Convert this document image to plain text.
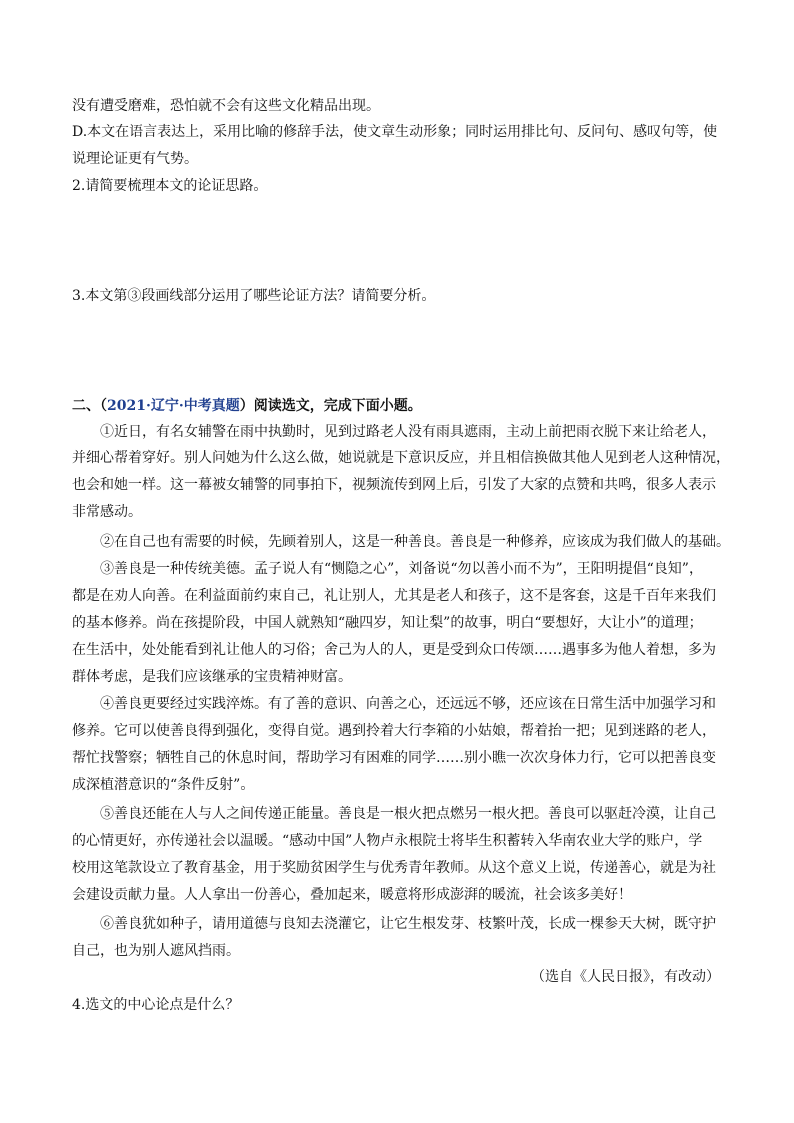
没有遭受磨难，恐怕就不会有这些文化精品出现。
D.本文在语言表达上，采用比喻的修辞手法，使文章生动形象；同时运用排比句、反问句、感叹句等，使
说理论证更有气势。
2.请简要梳理本文的论证思路。
3.本文第③段画线部分运用了哪些论证方法？请简要分析。
二、（2021·辽宁·中考真题）阅读选文，完成下面小题。
①近日，有名女辅警在雨中执勤时，见到过路老人没有雨具遮雨，主动上前把雨衣脱下来让给老人，
并细心帮着穿好。别人问她为什么这么做，她说就是下意识反应，并且相信换做其他人见到老人这种情况，
也会和她一样。这一幕被女辅警的同事拍下，视频流传到网上后，引发了大家的点赞和共鸣，很多人表示
非常感动。
②在自己也有需要的时候，先顾着别人，这是一种善良。善良是一种修养，应该成为我们做人的基础。
③善良是一种传统美德。孟子说人有“恻隐之心”，刘备说“勿以善小而不为”，王阳明提倡“良知”，
都是在劝人向善。在利益面前约束自己，礼让别人，尤其是老人和孩子，这不是客套，这是千百年来我们
的基本修养。尚在孩提阶段，中国人就熟知“融四岁，知让梨”的故事，明白“要想好，大让小”的道理；
在生活中，处处能看到礼让他人的习俗；舍己为人的人，更是受到众口传颂……遇事多为他人着想，多为
群体考虑，是我们应该继承的宝贵精神财富。
④善良更要经过实践淬炼。有了善的意识、向善之心，还远远不够，还应该在日常生活中加强学习和
修养。它可以使善良得到强化，变得自觉。遇到拎着大行李箱的小姑娘，帮着抬一把；见到迷路的老人，
帮忙找警察；牺牲自己的休息时间，帮助学习有困难的同学……别小瞧一次次身体力行，它可以把善良变
成深植潜意识的“条件反射”。
⑤善良还能在人与人之间传递正能量。善良是一根火把点燃另一根火把。善良可以驱赶冷漠，让自己
的心情更好，亦传递社会以温暖。“感动中国”人物卢永根院士将毕生积蓄转入华南农业大学的账户，学
校用这笔款设立了教育基金，用于奖励贫困学生与优秀青年教师。从这个意义上说，传递善心，就是为社
会建设贡献力量。人人拿出一份善心，叠加起来，暖意将形成澎湃的暖流，社会该多美好！
⑥善良犹如种子，请用道德与良知去浇灌它，让它生根发芽、枝繁叶茂，长成一棵参天大树，既守护
自己，也为别人遮风挡雨。
（选自《人民日报》，有改动）
4.选文的中心论点是什么？
